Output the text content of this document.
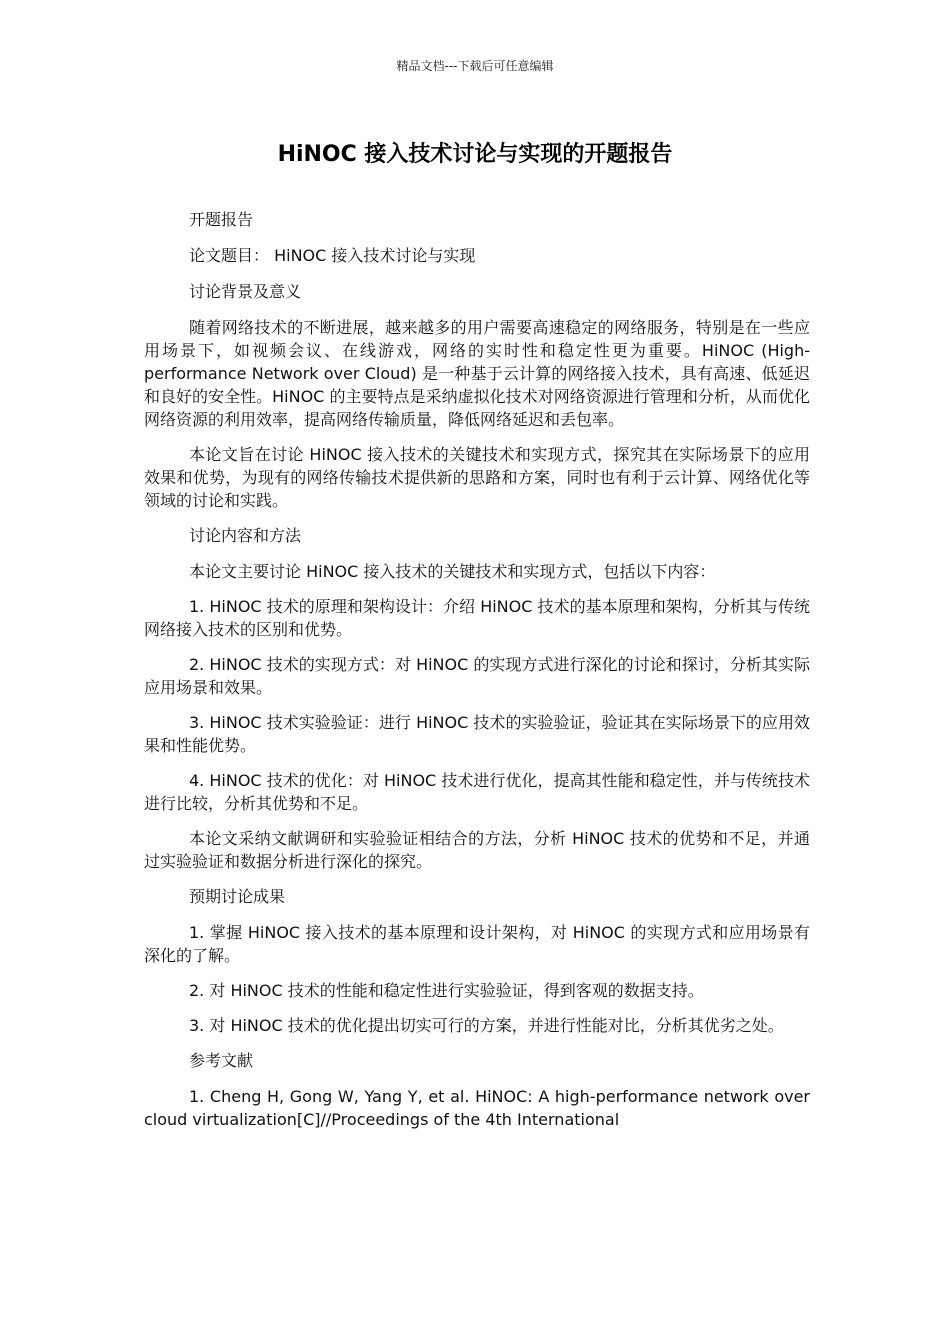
精品文档---下载后可任意编辑
HiNOC 接入技术讨论与实现的开题报告

开题报告

论文题目： HiNOC 接入技术讨论与实现

讨论背景及意义

随着网络技术的不断进展，越来越多的用户需要高速稳定的网络服务，特别是在一些应用场景下，如视频会议、在线游戏，网络的实时性和稳定性更为重要。HiNOC (High-performance Network over Cloud) 是一种基于云计算的网络接入技术，具有高速、低延迟和良好的安全性。HiNOC 的主要特点是采纳虚拟化技术对网络资源进行管理和分析，从而优化网络资源的利用效率，提高网络传输质量，降低网络延迟和丢包率。

本论文旨在讨论 HiNOC 接入技术的关键技术和实现方式，探究其在实际场景下的应用效果和优势，为现有的网络传输技术提供新的思路和方案，同时也有利于云计算、网络优化等领域的讨论和实践。

讨论内容和方法

本论文主要讨论 HiNOC 接入技术的关键技术和实现方式，包括以下内容：

1. HiNOC 技术的原理和架构设计：介绍 HiNOC 技术的基本原理和架构，分析其与传统网络接入技术的区别和优势。

2. HiNOC 技术的实现方式：对 HiNOC 的实现方式进行深化的讨论和探讨，分析其实际应用场景和效果。

3. HiNOC 技术实验验证：进行 HiNOC 技术的实验验证，验证其在实际场景下的应用效果和性能优势。

4. HiNOC 技术的优化：对 HiNOC 技术进行优化，提高其性能和稳定性，并与传统技术进行比较，分析其优势和不足。

本论文采纳文献调研和实验验证相结合的方法，分析 HiNOC 技术的优势和不足，并通过实验验证和数据分析进行深化的探究。

预期讨论成果

1. 掌握 HiNOC 接入技术的基本原理和设计架构，对 HiNOC 的实现方式和应用场景有深化的了解。

2. 对 HiNOC 技术的性能和稳定性进行实验验证，得到客观的数据支持。

3. 对 HiNOC 技术的优化提出切实可行的方案，并进行性能对比，分析其优劣之处。

参考文献

1. Cheng H, Gong W, Yang Y, et al. HiNOC: A high-performance network over cloud virtualization[C]//Proceedings of the 4th International
